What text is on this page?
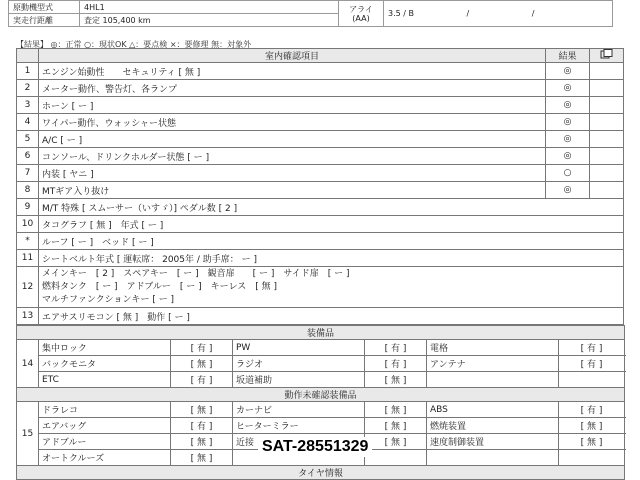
原動機型式	4HL1	アライ
(AA)	3.5 / B / /
実走行距離	査定 105,400 km		
【結果】 ◎：正常 ○：現状OK △：要点検 ×：要修理 無：対象外
	室内確認項目	結果	
1	エンジン始動性　　セキュリティ [ 無 ]	◎	
2	メーター動作、警告灯、各ランプ	◎	
3	ホーン [ ー ]	◎	
4	ワイパー動作、ウォッシャー状態	◎	
5	A/C [ ー ]	◎	
6	コンソール、ドリンクホルダー状態 [ ー ]	◎	
7	内装 [ ヤニ ]	○	
8	MTギア入り抜け	◎	
9	M/T 特殊 [ スムーサー（いすゞ）] ペダル数 [ 2 ]		
10	タコグラフ [ 無 ]　年式 [ ー ]		
*	ルーフ [ ー ]　ベッド [ ー ]		
11	シートベルト年式 [ 運転席： 2005年 / 助手席： ー ]		
12	メインキー　[ 2 ]　スペアキー　[ ー ]　観音扉　　[ ー ]　サイド扉　[ ー ]
燃料タンク　[ ー ]　アドブルー　[ ー ]　キーレス　[ 無 ]
マルチファンクションキー [ ー ]		

13	エアサスリモコン [ 無 ]　動作 [ ー ]		
装備品						
14	集中ロック	[ 有 ]	PW	[ 有 ]	電格	[ 有 ]
	バックモニタ	[ 無 ]	ラジオ	[ 有 ]	アンテナ	[ 有 ]
	ETC	[ 有 ]	坂道補助	[ 無 ]		
動作未確認装備品						
15	ドラレコ	[ 無 ]	カーナビ	[ 無 ]	ABS	[ 有 ]
	エアバッグ	[ 有 ]	ヒーターミラー	[ 無 ]	燃焼装置	[ 無 ]
	アドブルー	[ 無 ]	近接	[ 無 ]	速度制御装置	[ 無 ]
	オートクルーズ	[ 無 ]				
タイヤ情報						
SAT-28551329
